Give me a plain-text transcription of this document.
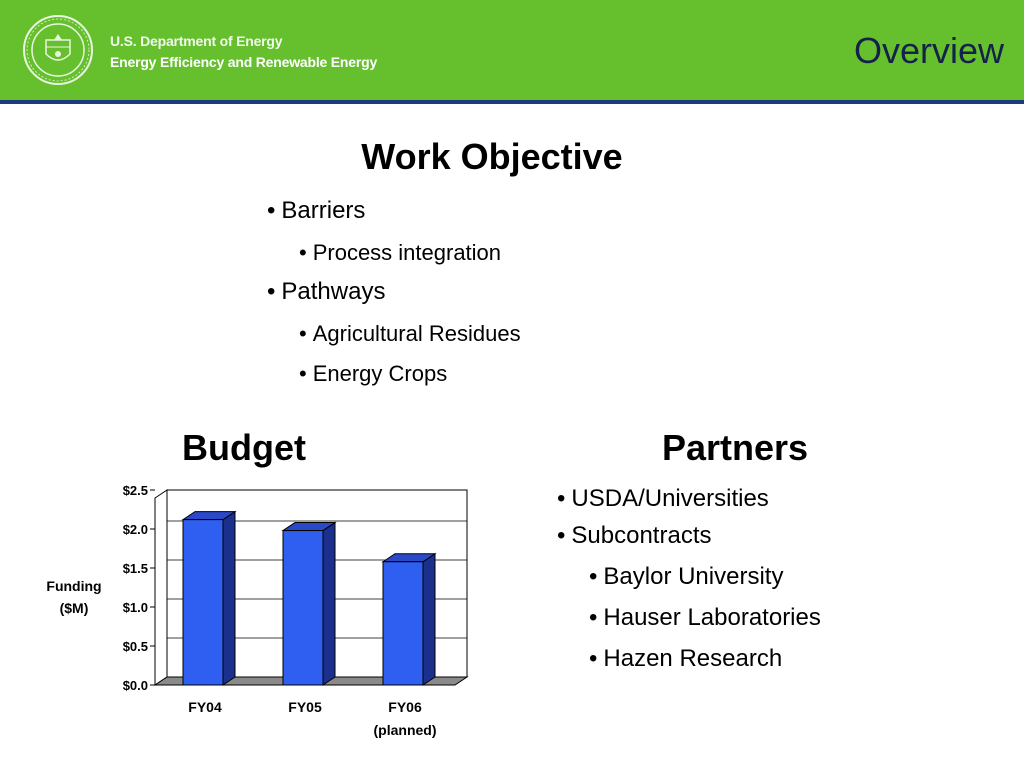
U.S. Department of Energy
Energy Efficiency and Renewable Energy	Overview
Work Objective
• Barriers
• Process integration
• Pathways
• Agricultural Residues
• Energy Crops
Budget	Partners
• USDA/Universities
• Subcontracts
• Baylor University
• Hauser Laboratories
• Hazen Research
$0.0
$0.5
$1.0
$1.5
$2.0
$2.5
Funding
($M)
FY04	FY05	FY06
(planned)
